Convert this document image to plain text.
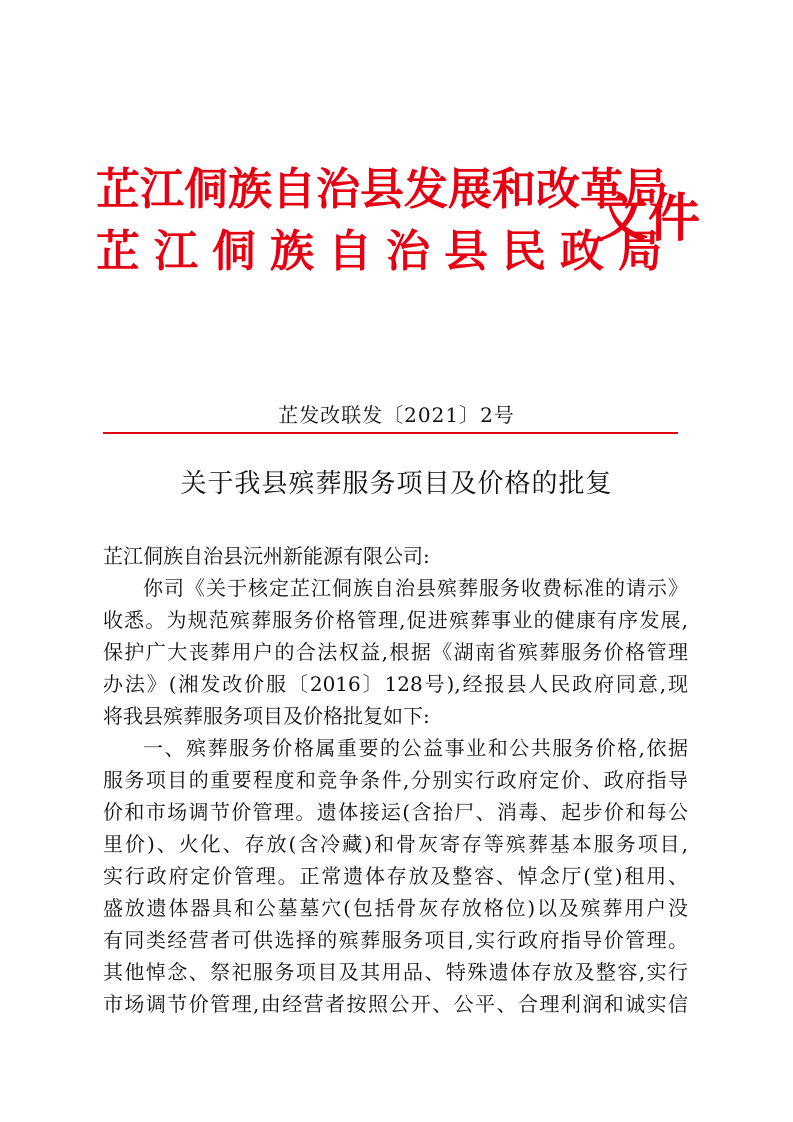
芷江侗族自治县发展和改革局
芷江侗族自治县民政局
文件
芷发改联发〔2021〕2号
关于我县殡葬服务项目及价格的批复
芷江侗族自治县沅州新能源有限公司:
你司《关于核定芷江侗族自治县殡葬服务收费标准的请示》
收悉。为规范殡葬服务价格管理,促进殡葬事业的健康有序发展,
保护广大丧葬用户的合法权益,根据《湖南省殡葬服务价格管理
办法》(湘发改价服〔2016〕128号),经报县人民政府同意,现
将我县殡葬服务项目及价格批复如下:
一、殡葬服务价格属重要的公益事业和公共服务价格,依据
服务项目的重要程度和竞争条件,分别实行政府定价、政府指导
价和市场调节价管理。遗体接运(含抬尸、消毒、起步价和每公
里价)、火化、存放(含冷藏)和骨灰寄存等殡葬基本服务项目,
实行政府定价管理。正常遗体存放及整容、悼念厅(堂)租用、
盛放遗体器具和公墓墓穴(包括骨灰存放格位)以及殡葬用户没
有同类经营者可供选择的殡葬服务项目,实行政府指导价管理。
其他悼念、祭祀服务项目及其用品、特殊遗体存放及整容,实行
市场调节价管理,由经营者按照公开、公平、合理利润和诚实信
